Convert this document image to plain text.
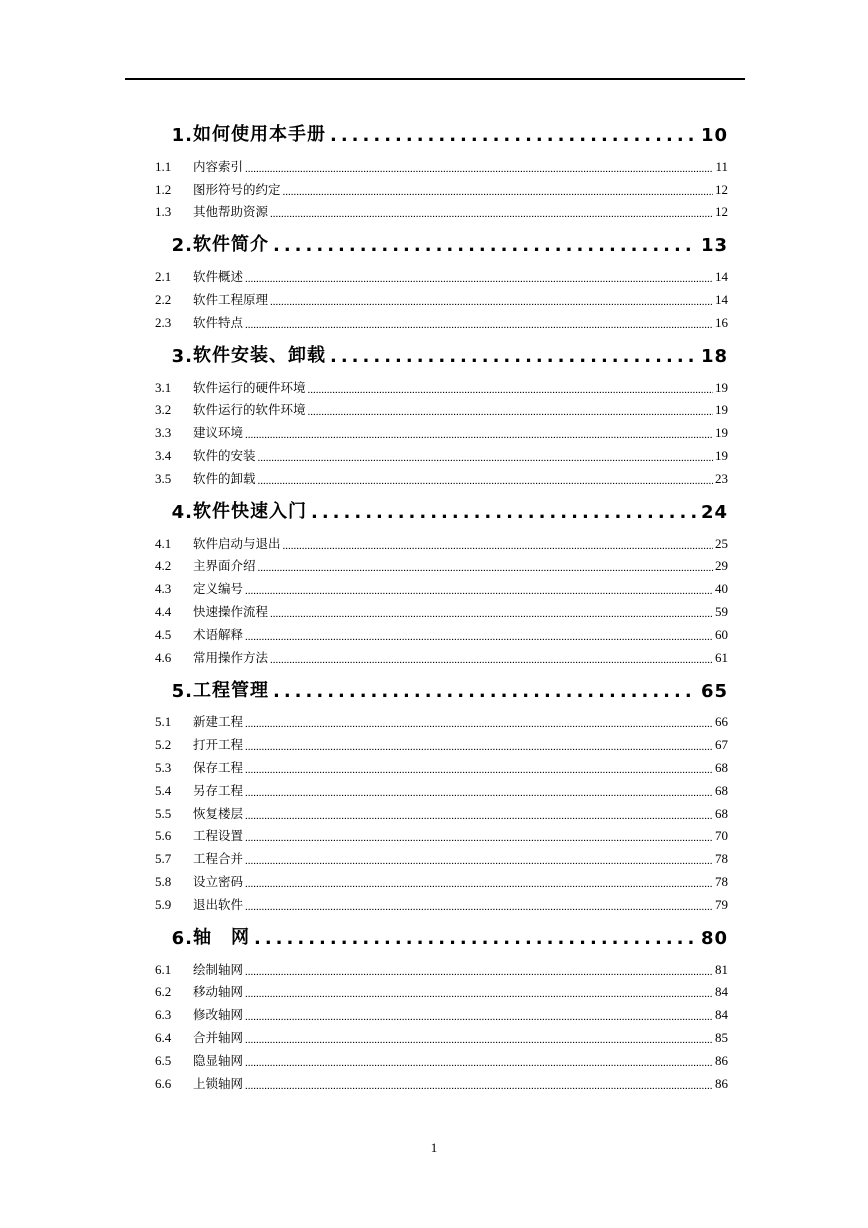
1. 如何使用本手册 .....	10
1.1	内容索引 .....	11
1.2	图形符号的约定 .....	12
1.3	其他帮助资源 .....	12
2. 软件简介 .....	13
2.1	软件概述 .....	14
2.2	软件工程原理 .....	14
2.3	软件特点 .....	16
3. 软件安装、卸载 .....	18
3.1	软件运行的硬件环境 .....	19
3.2	软件运行的软件环境 .....	19
3.3	建议环境 .....	19
3.4	软件的安装 .....	19
3.5	软件的卸载 .....	23
4. 软件快速入门 .....	24
4.1	软件启动与退出 .....	25
4.2	主界面介绍 .....	29
4.3	定义编号 .....	40
4.4	快速操作流程 .....	59
4.5	术语解释 .....	60
4.6	常用操作方法 .....	61
5. 工程管理 .....	65
5.1	新建工程 .....	66
5.2	打开工程 .....	67
5.3	保存工程 .....	68
5.4	另存工程 .....	68
5.5	恢复楼层 .....	68
5.6	工程设置 .....	70
5.7	工程合并 .....	78
5.8	设立密码 .....	78
5.9	退出软件 .....	79
6. 轴　网 .....	80
6.1	绘制轴网 .....	81
6.2	移动轴网 .....	84
6.3	修改轴网 .....	84
6.4	合并轴网 .....	85
6.5	隐显轴网 .....	86
6.6	上锁轴网 .....	86
1
